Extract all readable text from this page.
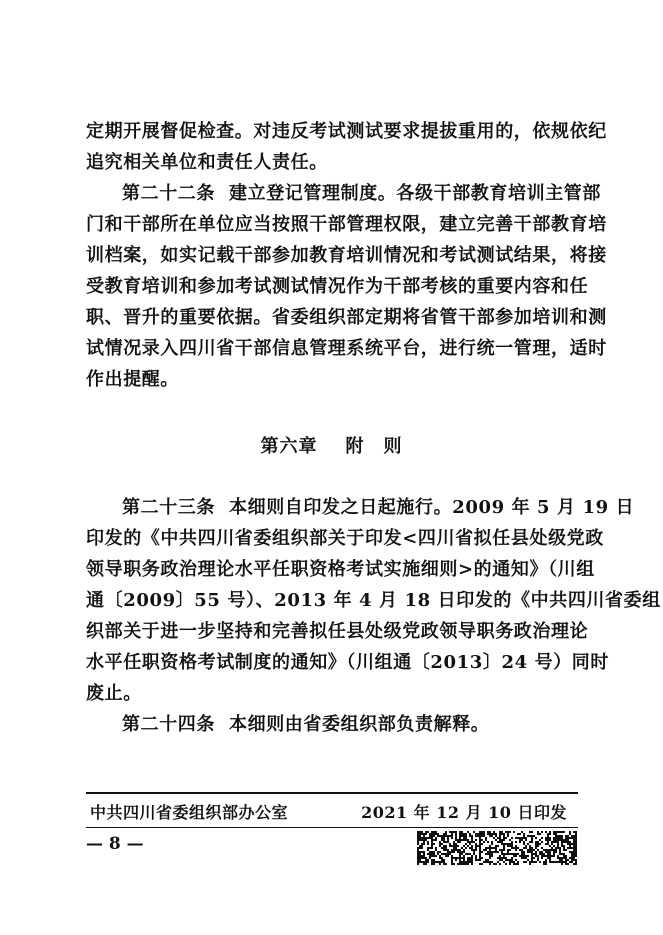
定期开展督促检查。对违反考试测试要求提拔重用的，依规依纪
追究相关单位和责任人责任。
第二十二条 建立登记管理制度。各级干部教育培训主管部
门和干部所在单位应当按照干部管理权限，建立完善干部教育培
训档案，如实记载干部参加教育培训情况和考试测试结果，将接
受教育培训和参加考试测试情况作为干部考核的重要内容和任
职、晋升的重要依据。省委组织部定期将省管干部参加培训和测
试情况录入四川省干部信息管理系统平台，进行统一管理，适时
作出提醒。
第六章 附　则
第二十三条 本细则自印发之日起施行。2009 年 5 月 19 日
印发的《中共四川省委组织部关于印发<四川省拟任县处级党政
领导职务政治理论水平任职资格考试实施细则>的通知》（川组
通〔2009〕55 号）、2013 年 4 月 18 日印发的《中共四川省委组
织部关于进一步坚持和完善拟任县处级党政领导职务政治理论
水平任职资格考试制度的通知》（川组通〔2013〕24 号）同时
废止。
第二十四条 本细则由省委组织部负责解释。
中共四川省委组织部办公室	2021 年 12 月 10 日印发
— 8 —
